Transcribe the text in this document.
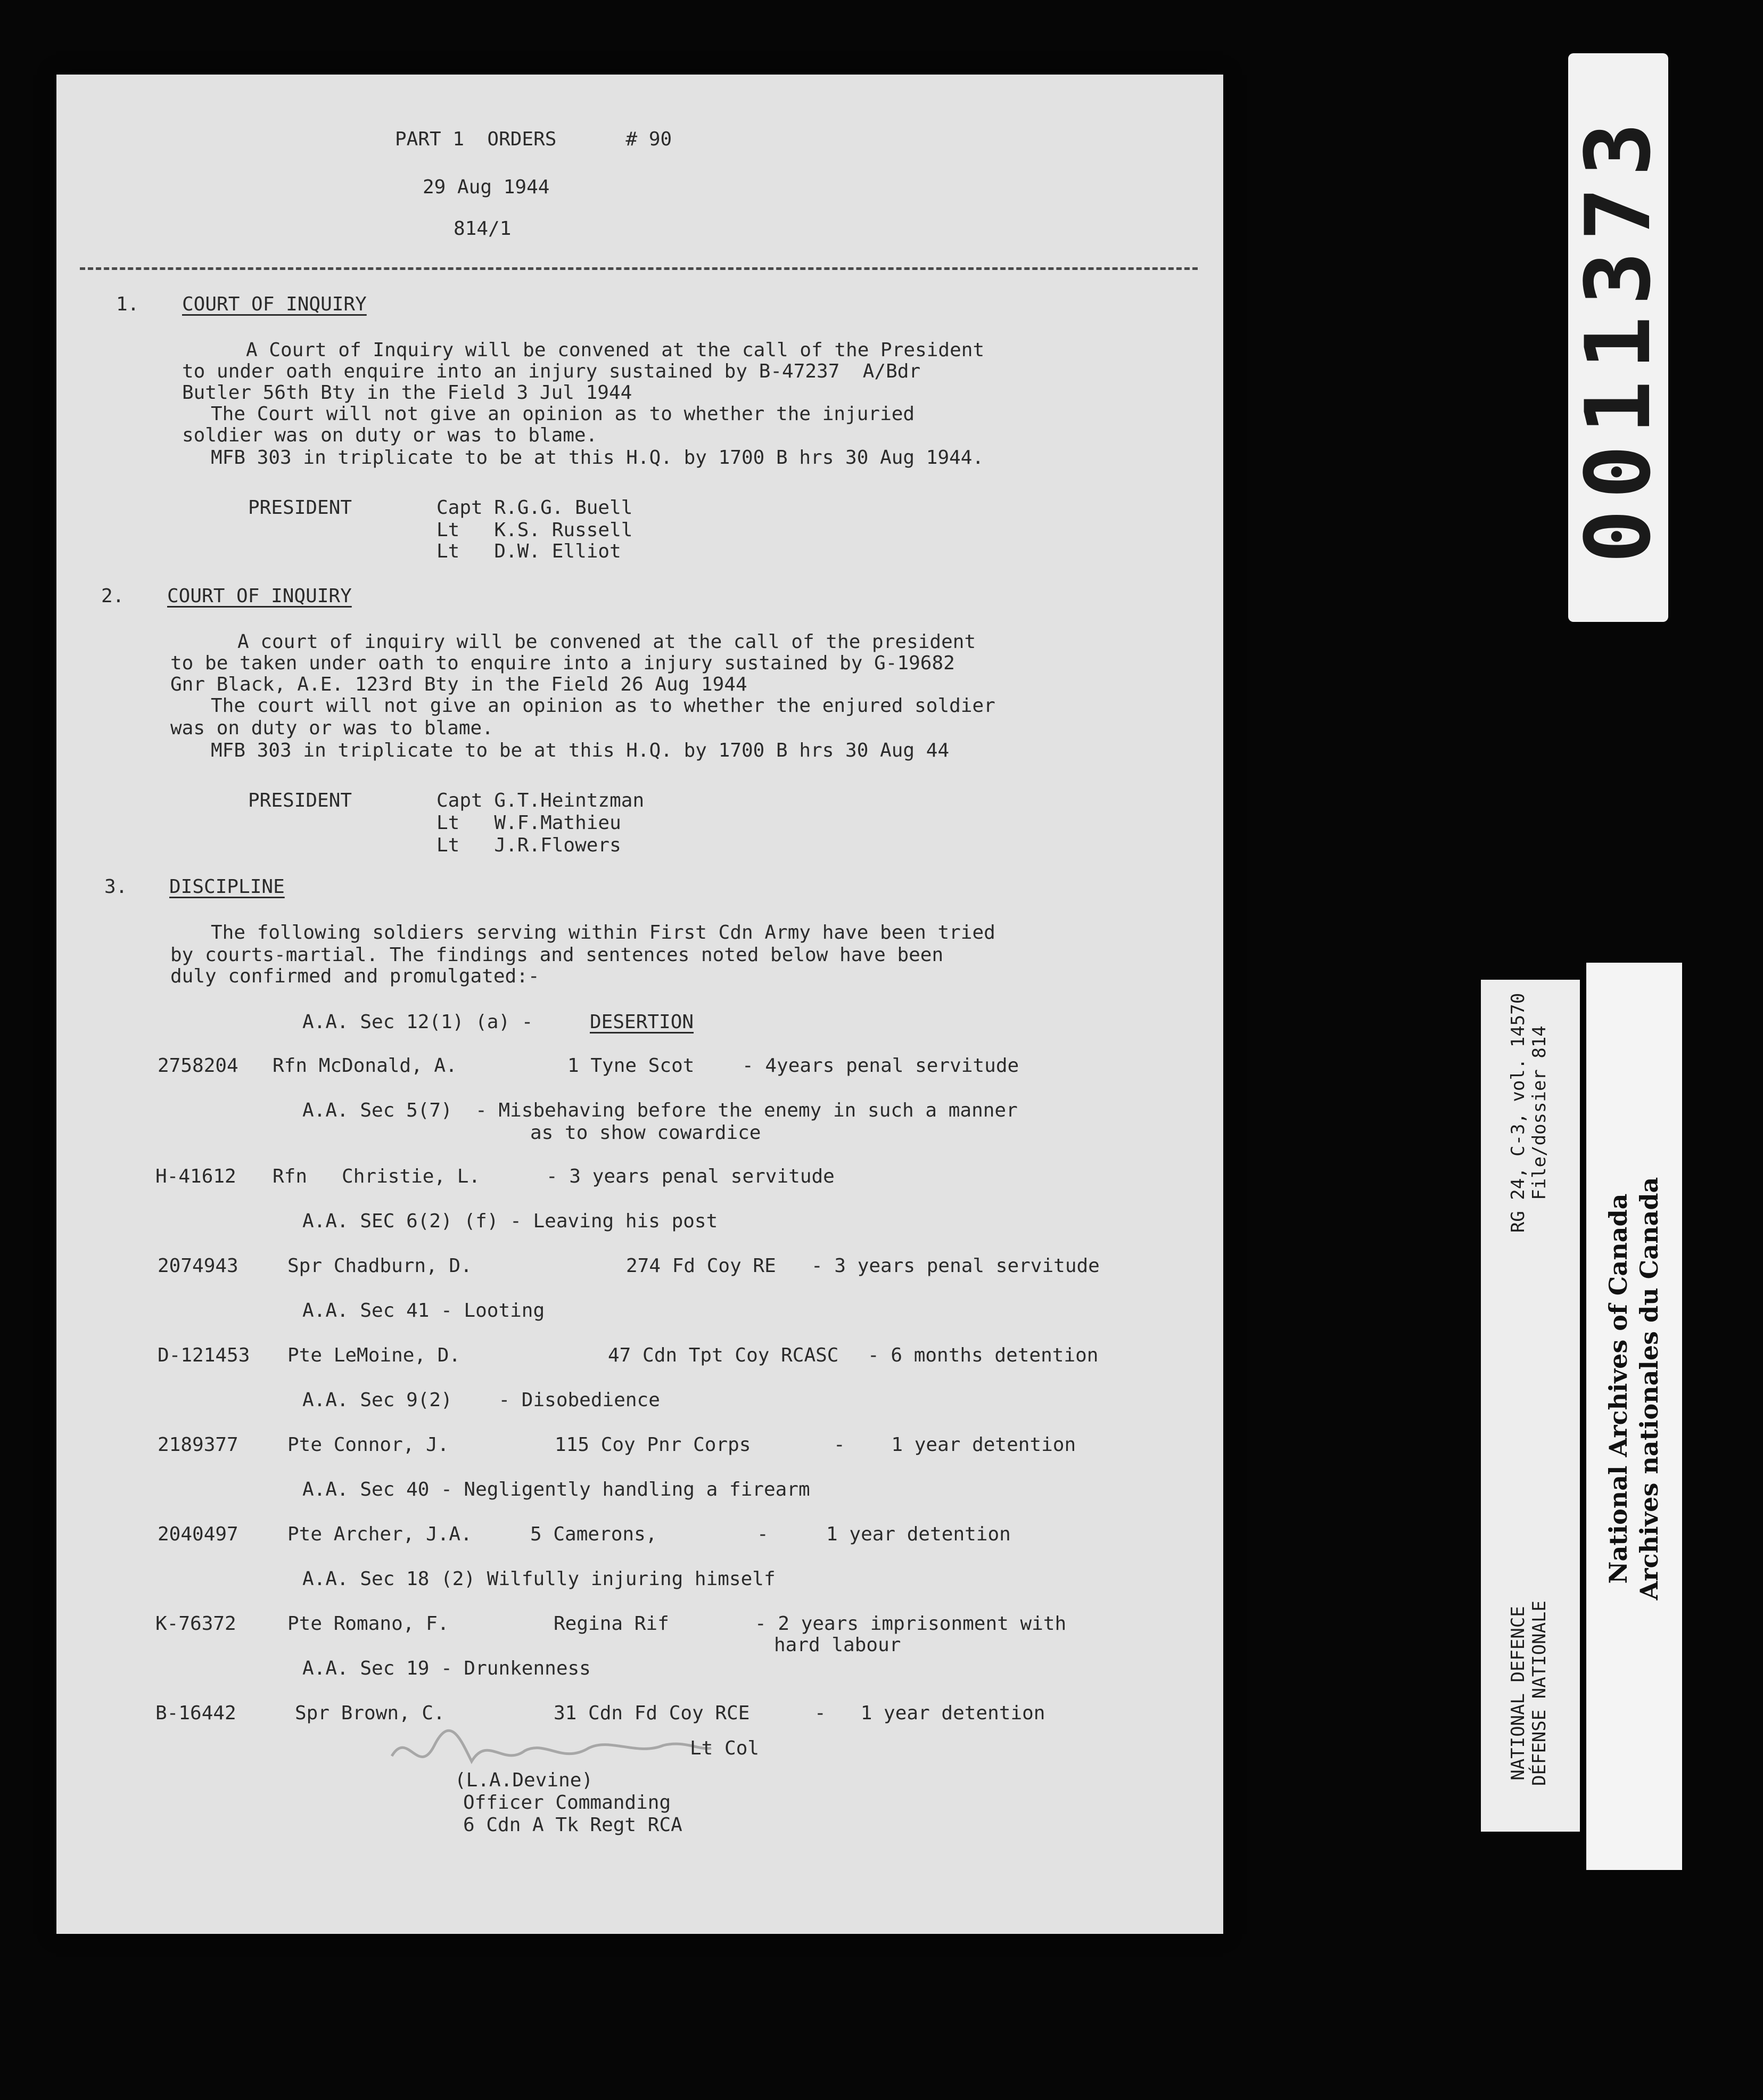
PART 1  ORDERS      # 90
29 Aug 1944
814/1
1. COURT OF INQUIRY
A Court of Inquiry will be convened at the call of the President
to under oath enquire into an injury sustained by B-47237  A/Bdr
Butler 56th Bty in the Field 3 Jul 1944
The Court will not give an opinion as to whether the injuried
soldier was on duty or was to blame.
MFB 303 in triplicate to be at this H.Q. by 1700 B hrs 30 Aug 1944.
PRESIDENT	Capt R.G.G. Buell
Lt   K.S. Russell
Lt   D.W. Elliot
2. COURT OF INQUIRY
A court of inquiry will be convened at the call of the president
to be taken under oath to enquire into a injury sustained by G-19682
Gnr Black, A.E. 123rd Bty in the Field 26 Aug 1944
The court will not give an opinion as to whether the enjured soldier
was on duty or was to blame.
MFB 303 in triplicate to be at this H.Q. by 1700 B hrs 30 Aug 44
PRESIDENT	Capt G.T.Heintzman
Lt   W.F.Mathieu
Lt   J.R.Flowers
3. DISCIPLINE
The following soldiers serving within First Cdn Army have been tried
by courts-martial. The findings and sentences noted below have been
duly confirmed and promulgated:-
A.A. Sec 12(1) (a) -	DESERTION
2758204 Rfn McDonald, A.	1 Tyne Scot - 4years penal servitude
A.A. Sec 5(7)  - Misbehaving before the enemy in such a manner
as to show cowardice
H-41612 Rfn   Christie, L.	- 3 years penal servitude
A.A. SEC 6(2) (f) - Leaving his post
2074943	Spr Chadburn, D.	274 Fd Coy RE - 3 years penal servitude
A.A. Sec 41 - Looting
D-121453 Pte LeMoine, D.	47 Cdn Tpt Coy RCASC - 6 months detention
A.A. Sec 9(2)    - Disobedience
2189377	Pte Connor, J.	115 Coy Pnr Corps	-    1 year detention
A.A. Sec 40 - Negligently handling a firearm
2040497	Pte Archer, J.A.	5 Camerons,	-     1 year detention
A.A. Sec 18 (2) Wilfully injuring himself
K-76372	Pte Romano, F.	Regina Rif	- 2 years imprisonment with
hard labour
A.A. Sec 19 - Drunkenness
B-16442	Spr Brown, C.	31 Cdn Fd Coy RCE	-   1 year detention
Lt Col
(L.A.Devine)
Officer Commanding
6 Cdn A Tk Regt RCA
0011373
NATIONAL DEFENCE DÉFENSE NATIONALE
RG 24, C-3, vol. 14570 File/dossier 814
National Archives of Canada Archives nationales du Canada
